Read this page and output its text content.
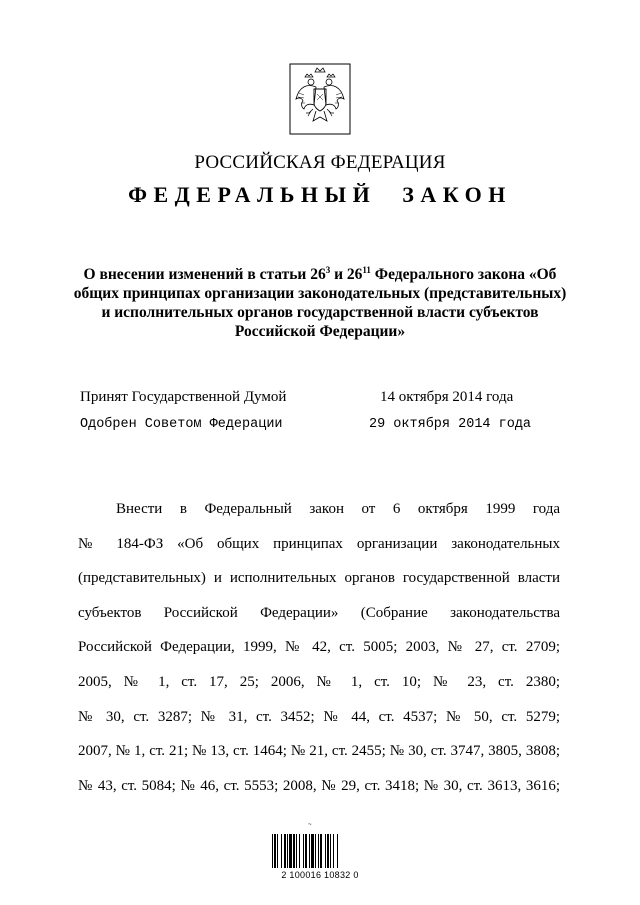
РОССИЙСКАЯ ФЕДЕРАЦИЯ
ФЕДЕРАЛЬНЫЙ ЗАКОН
О внесении изменений в статьи $26^3$ и $26^{11}$ Федерального закона «Об общих принципах организации законодательных (представительных) и исполнительных органов государственной власти субъектов Российской Федерации»
Принят Государственной Думой	14 октября 2014 года
Одобрен Советом Федерации	29 октября 2014 года
Внести в Федеральный закон от 6 октября 1999 года
№ 184-ФЗ «Об общих принципах организации законодательных
(представительных) и исполнительных органов государственной власти
субъектов Российской Федерации» (Собрание законодательства
Российской Федерации, 1999, № 42, ст. 5005; 2003, № 27, ст. 2709;
2005, № 1, ст. 17, 25; 2006, № 1, ст. 10; № 23, ст. 2380;
№ 30, ст. 3287; № 31, ст. 3452; № 44, ст. 4537; № 50, ст. 5279;
2007, № 1, ст. 21; № 13, ст. 1464; № 21, ст. 2455; № 30, ст. 3747, 3805, 3808;
№ 43, ст. 5084; № 46, ст. 5553; 2008, № 29, ст. 3418; № 30, ст. 3613, 3616;
~
2 100016 10832 0
